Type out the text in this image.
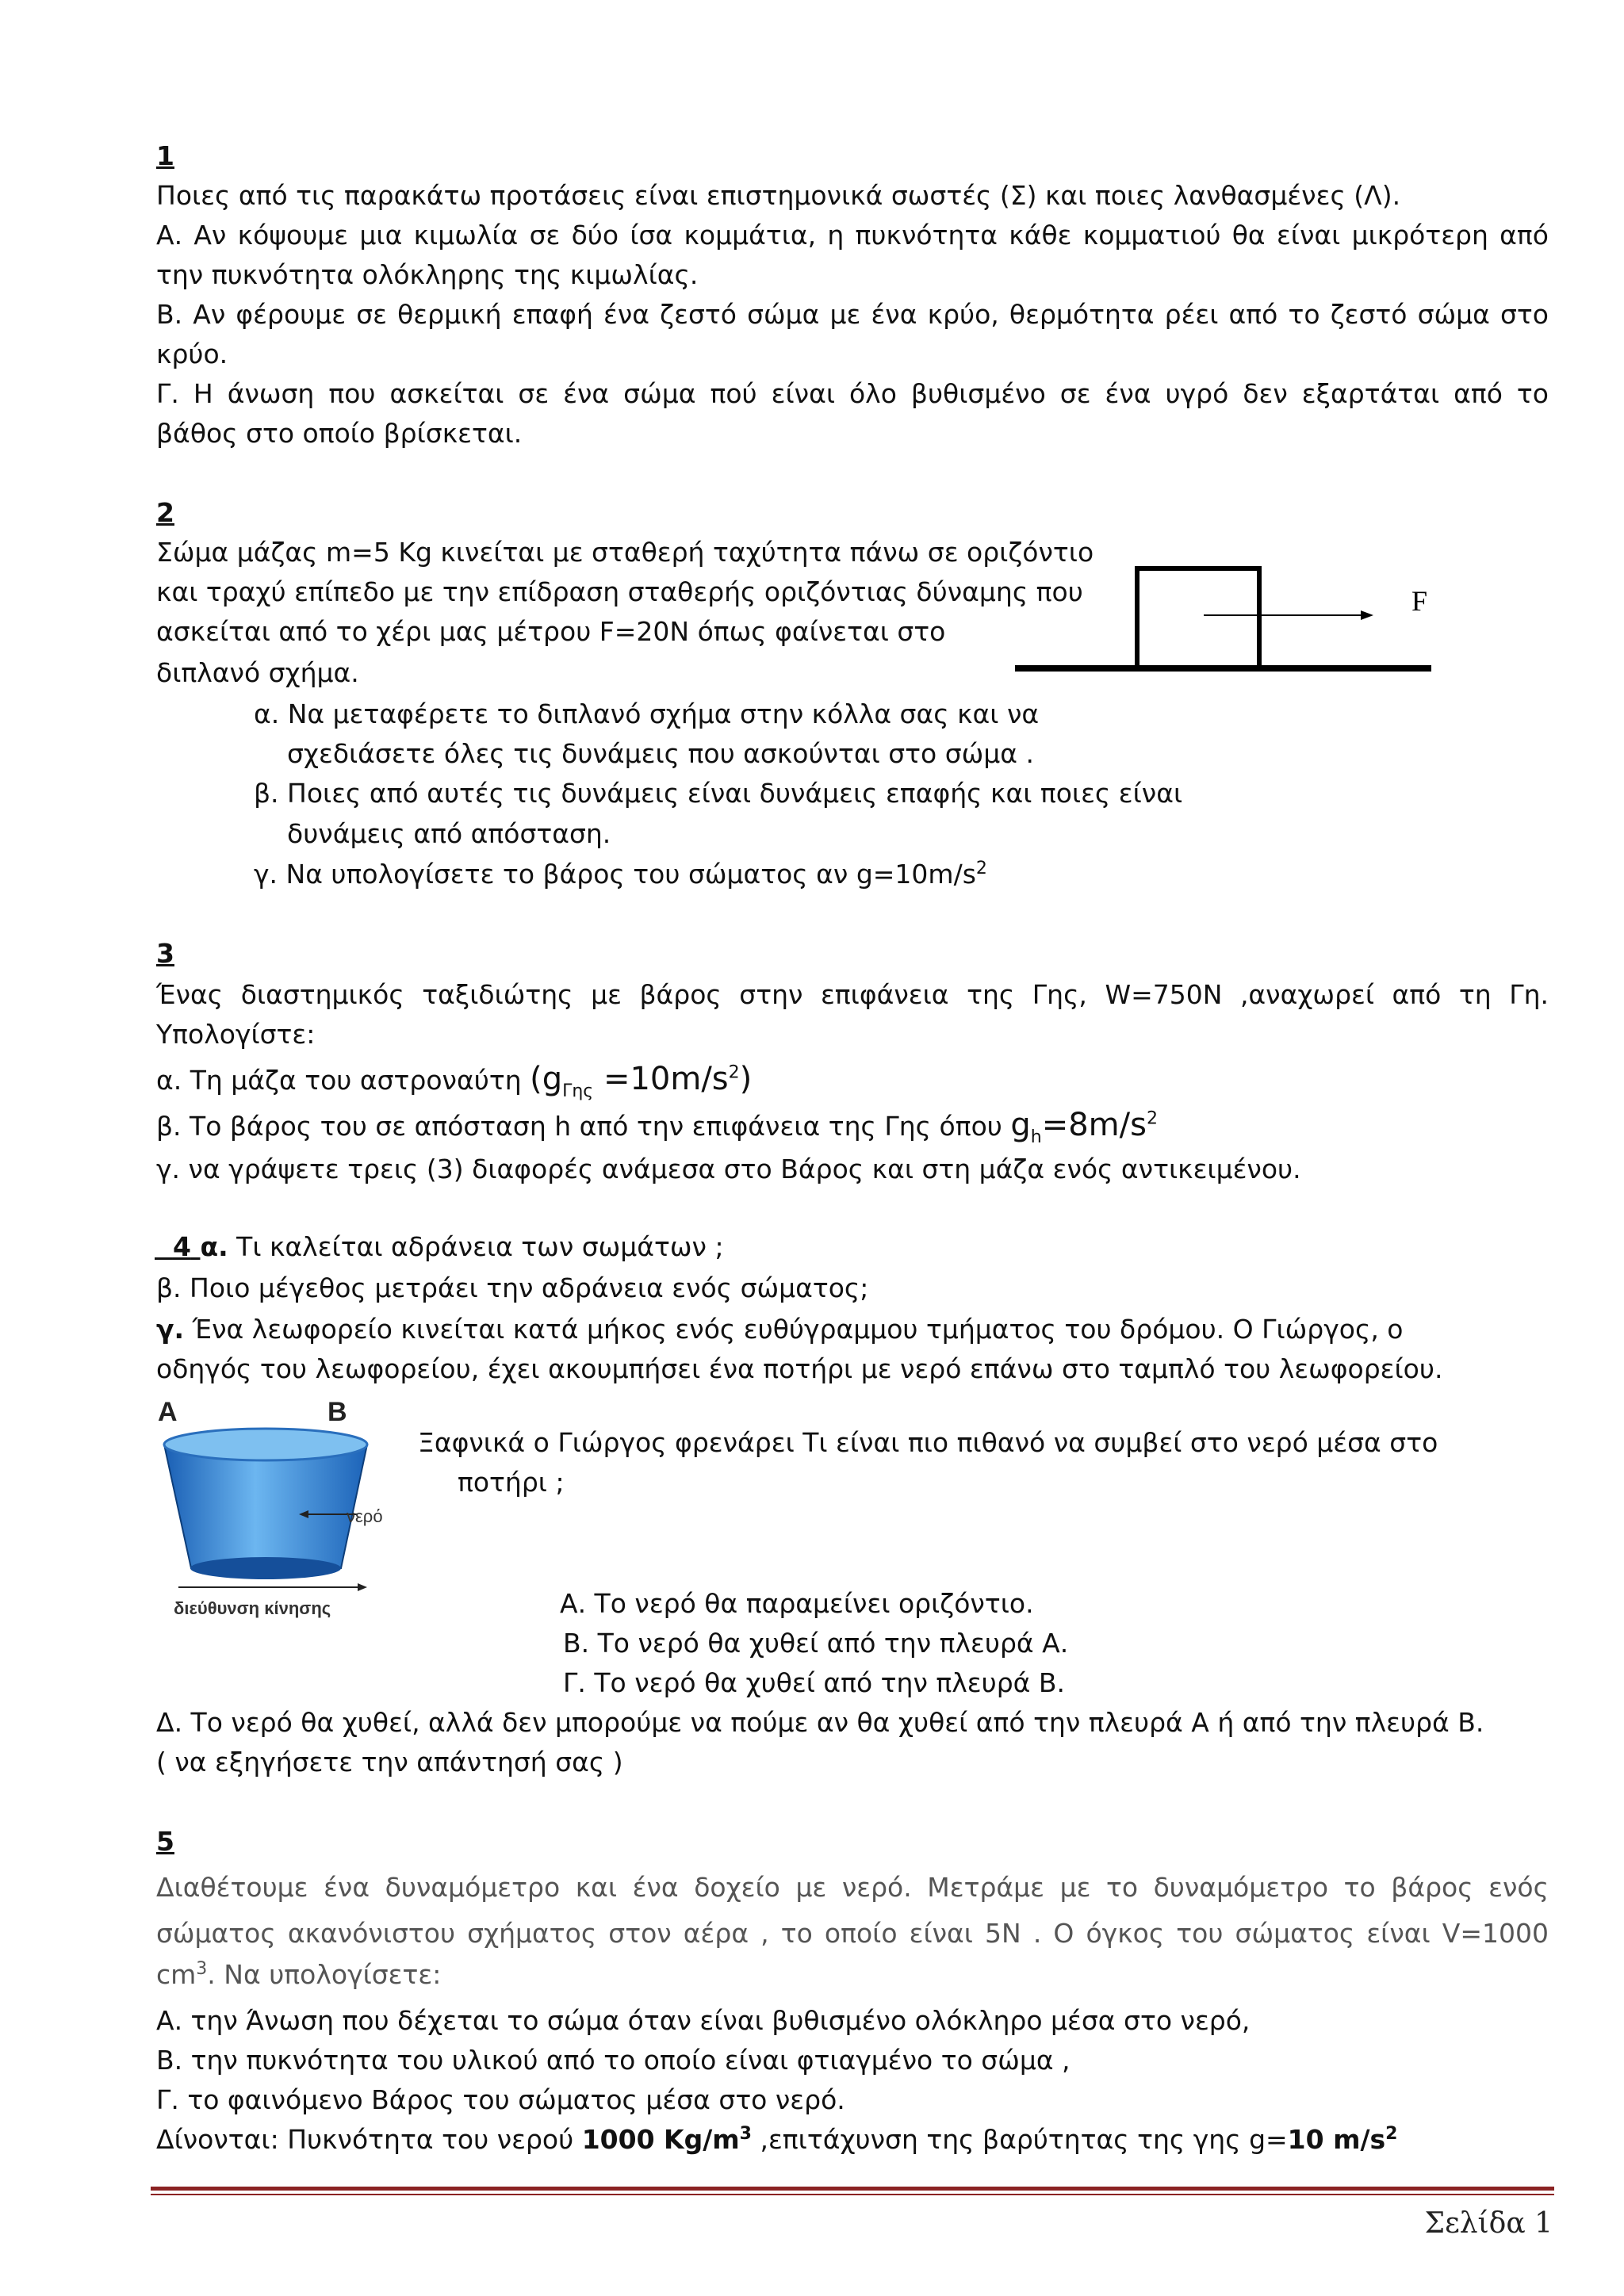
1

Ποιες από τις παρακάτω προτάσεις είναι επιστημονικά σωστές (Σ) και ποιες λανθασμένες (Λ).

Α. Αν κόψουμε μια κιμωλία σε δύο ίσα κομμάτια, η πυκνότητα κάθε κομματιού θα είναι μικρότερη από

την πυκνότητα ολόκληρης της κιμωλίας.

Β. Αν φέρουμε σε θερμική επαφή ένα ζεστό σώμα με ένα κρύο, θερμότητα ρέει από το ζεστό σώμα στο

κρύο.

Γ. Η άνωση που ασκείται σε ένα σώμα πού είναι όλο βυθισμένο σε ένα υγρό δεν εξαρτάται από το

βάθος στο οποίο βρίσκεται.

2

Σώμα μάζας m=5 Kg κινείται με σταθερή ταχύτητα πάνω σε οριζόντιο

και τραχύ επίπεδο με την επίδραση σταθερής οριζόντιας δύναμης που

ασκείται από το χέρι μας μέτρου F=20N όπως φαίνεται στο

διπλανό σχήμα.

F

α. Να μεταφέρετε το διπλανό σχήμα στην κόλλα σας και να

σχεδιάσετε όλες τις δυνάμεις που ασκούνται στο σώμα .

β. Ποιες από αυτές τις δυνάμεις είναι δυνάμεις επαφής και ποιες είναι

δυνάμεις από απόσταση.

γ. Να υπολογίσετε το βάρος του σώματος αν $g=10m/s^2$

3

Ένας διαστημικός ταξιδιώτης με βάρος στην επιφάνεια της Γης, W=750N ,αναχωρεί από τη Γη.

Υπολογίστε:

α. Τη μάζα του αστροναύτη $(g_{\Gamma\eta\varsigma} =10m/s^2)$

β. Το βάρος του σε απόσταση h από την επιφάνεια της Γης όπου $g_h=8m/s^2$

γ. να γράψετε τρεις (3) διαφορές ανάμεσα στο Βάρος και στη μάζα ενός αντικειμένου.

4 α. Τι καλείται αδράνεια των σωμάτων ;

β. Ποιο μέγεθος μετράει την αδράνεια ενός σώματος;

γ. Ένα λεωφορείο κινείται κατά μήκος ενός ευθύγραμμου τμήματος του δρόμου. Ο Γιώργος, ο

οδηγός του λεωφορείου, έχει ακουμπήσει ένα ποτήρι με νερό επάνω στο ταμπλό του λεωφορείου.

A	B
νερό
διεύθυνση κίνησης

Ξαφνικά ο Γιώργος φρενάρει Τι είναι πιο πιθανό να συμβεί στο νερό μέσα στο

ποτήρι ;

Α. Το νερό θα παραμείνει οριζόντιο.

Β. Το νερό θα χυθεί από την πλευρά Α.

Γ. Το νερό θα χυθεί από την πλευρά Β.

Δ. Το νερό θα χυθεί, αλλά δεν μπορούμε να πούμε αν θα χυθεί από την πλευρά Α ή από την πλευρά Β.

( να εξηγήσετε την απάντησή σας )

5

Διαθέτουμε ένα δυναμόμετρο και ένα δοχείο με νερό. Μετράμε με το δυναμόμετρο το βάρος ενός

σώματος ακανόνιστου σχήματος στον αέρα , το οποίο είναι 5Ν . Ο όγκος του σώματος είναι V=1000

$cm^3$. Να υπολογίσετε:

Α. την Άνωση που δέχεται το σώμα όταν είναι βυθισμένο ολόκληρο μέσα στο νερό,

Β. την πυκνότητα του υλικού από το οποίο είναι φτιαγμένο το σώμα ,

Γ. το φαινόμενο Βάρος του σώματος μέσα στο νερό.

Δίνονται: Πυκνότητα του νερού 1000 $Kg/m^3$ ,επιτάχυνση της βαρύτητας της γης g=10 $m/s^2$

Σελίδα 1
